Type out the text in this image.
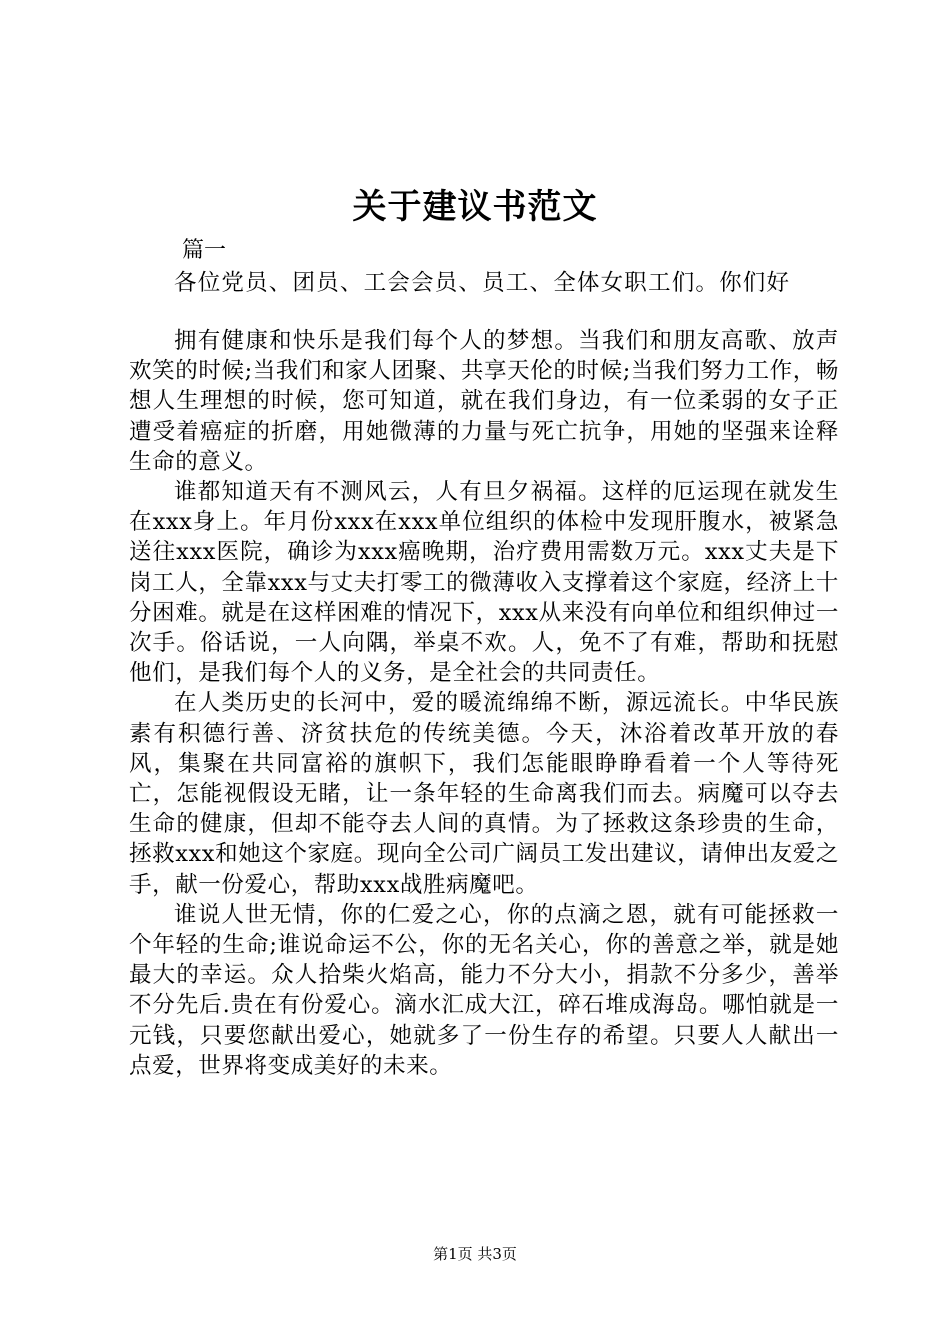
关于建议书范文
篇一
各位党员、团员、工会会员、员工、全体女职工们。你们好

拥有健康和快乐是我们每个人的梦想。当我们和朋友高歌、放声欢笑的时候;当我们和家人团聚、共享天伦的时候;当我们努力工作，畅想人生理想的时候，您可知道，就在我们身边，有一位柔弱的女子正遭受着癌症的折磨，用她微薄的力量与死亡抗争，用她的坚强来诠释生命的意义。

谁都知道天有不测风云，人有旦夕祸福。这样的厄运现在就发生在xxx身上。年月份xxx在xxx单位组织的体检中发现肝腹水，被紧急送往xxx医院，确诊为xxx癌晚期，治疗费用需数万元。xxx丈夫是下岗工人，全靠xxx与丈夫打零工的微薄收入支撑着这个家庭，经济上十分困难。就是在这样困难的情况下，xxx从来没有向单位和组织伸过一次手。俗话说，一人向隅，举桌不欢。人，免不了有难，帮助和抚慰他们，是我们每个人的义务，是全社会的共同责任。

在人类历史的长河中，爱的暖流绵绵不断，源远流长。中华民族素有积德行善、济贫扶危的传统美德。今天，沐浴着改革开放的春风，集聚在共同富裕的旗帜下，我们怎能眼睁睁看着一个人等待死亡，怎能视假设无睹，让一条年轻的生命离我们而去。病魔可以夺去生命的健康，但却不能夺去人间的真情。为了拯救这条珍贵的生命，拯救xxx和她这个家庭。现向全公司广阔员工发出建议，请伸出友爱之手，献一份爱心，帮助xxx战胜病魔吧。

谁说人世无情，你的仁爱之心，你的点滴之恩，就有可能拯救一个年轻的生命;谁说命运不公，你的无名关心，你的善意之举，就是她最大的幸运。众人拾柴火焰高，能力不分大小，捐款不分多少，善举不分先后.贵在有份爱心。滴水汇成大江，碎石堆成海岛。哪怕就是一元钱，只要您献出爱心，她就多了一份生存的希望。只要人人献出一点爱，世界将变成美好的未来。

第1页 共3页
